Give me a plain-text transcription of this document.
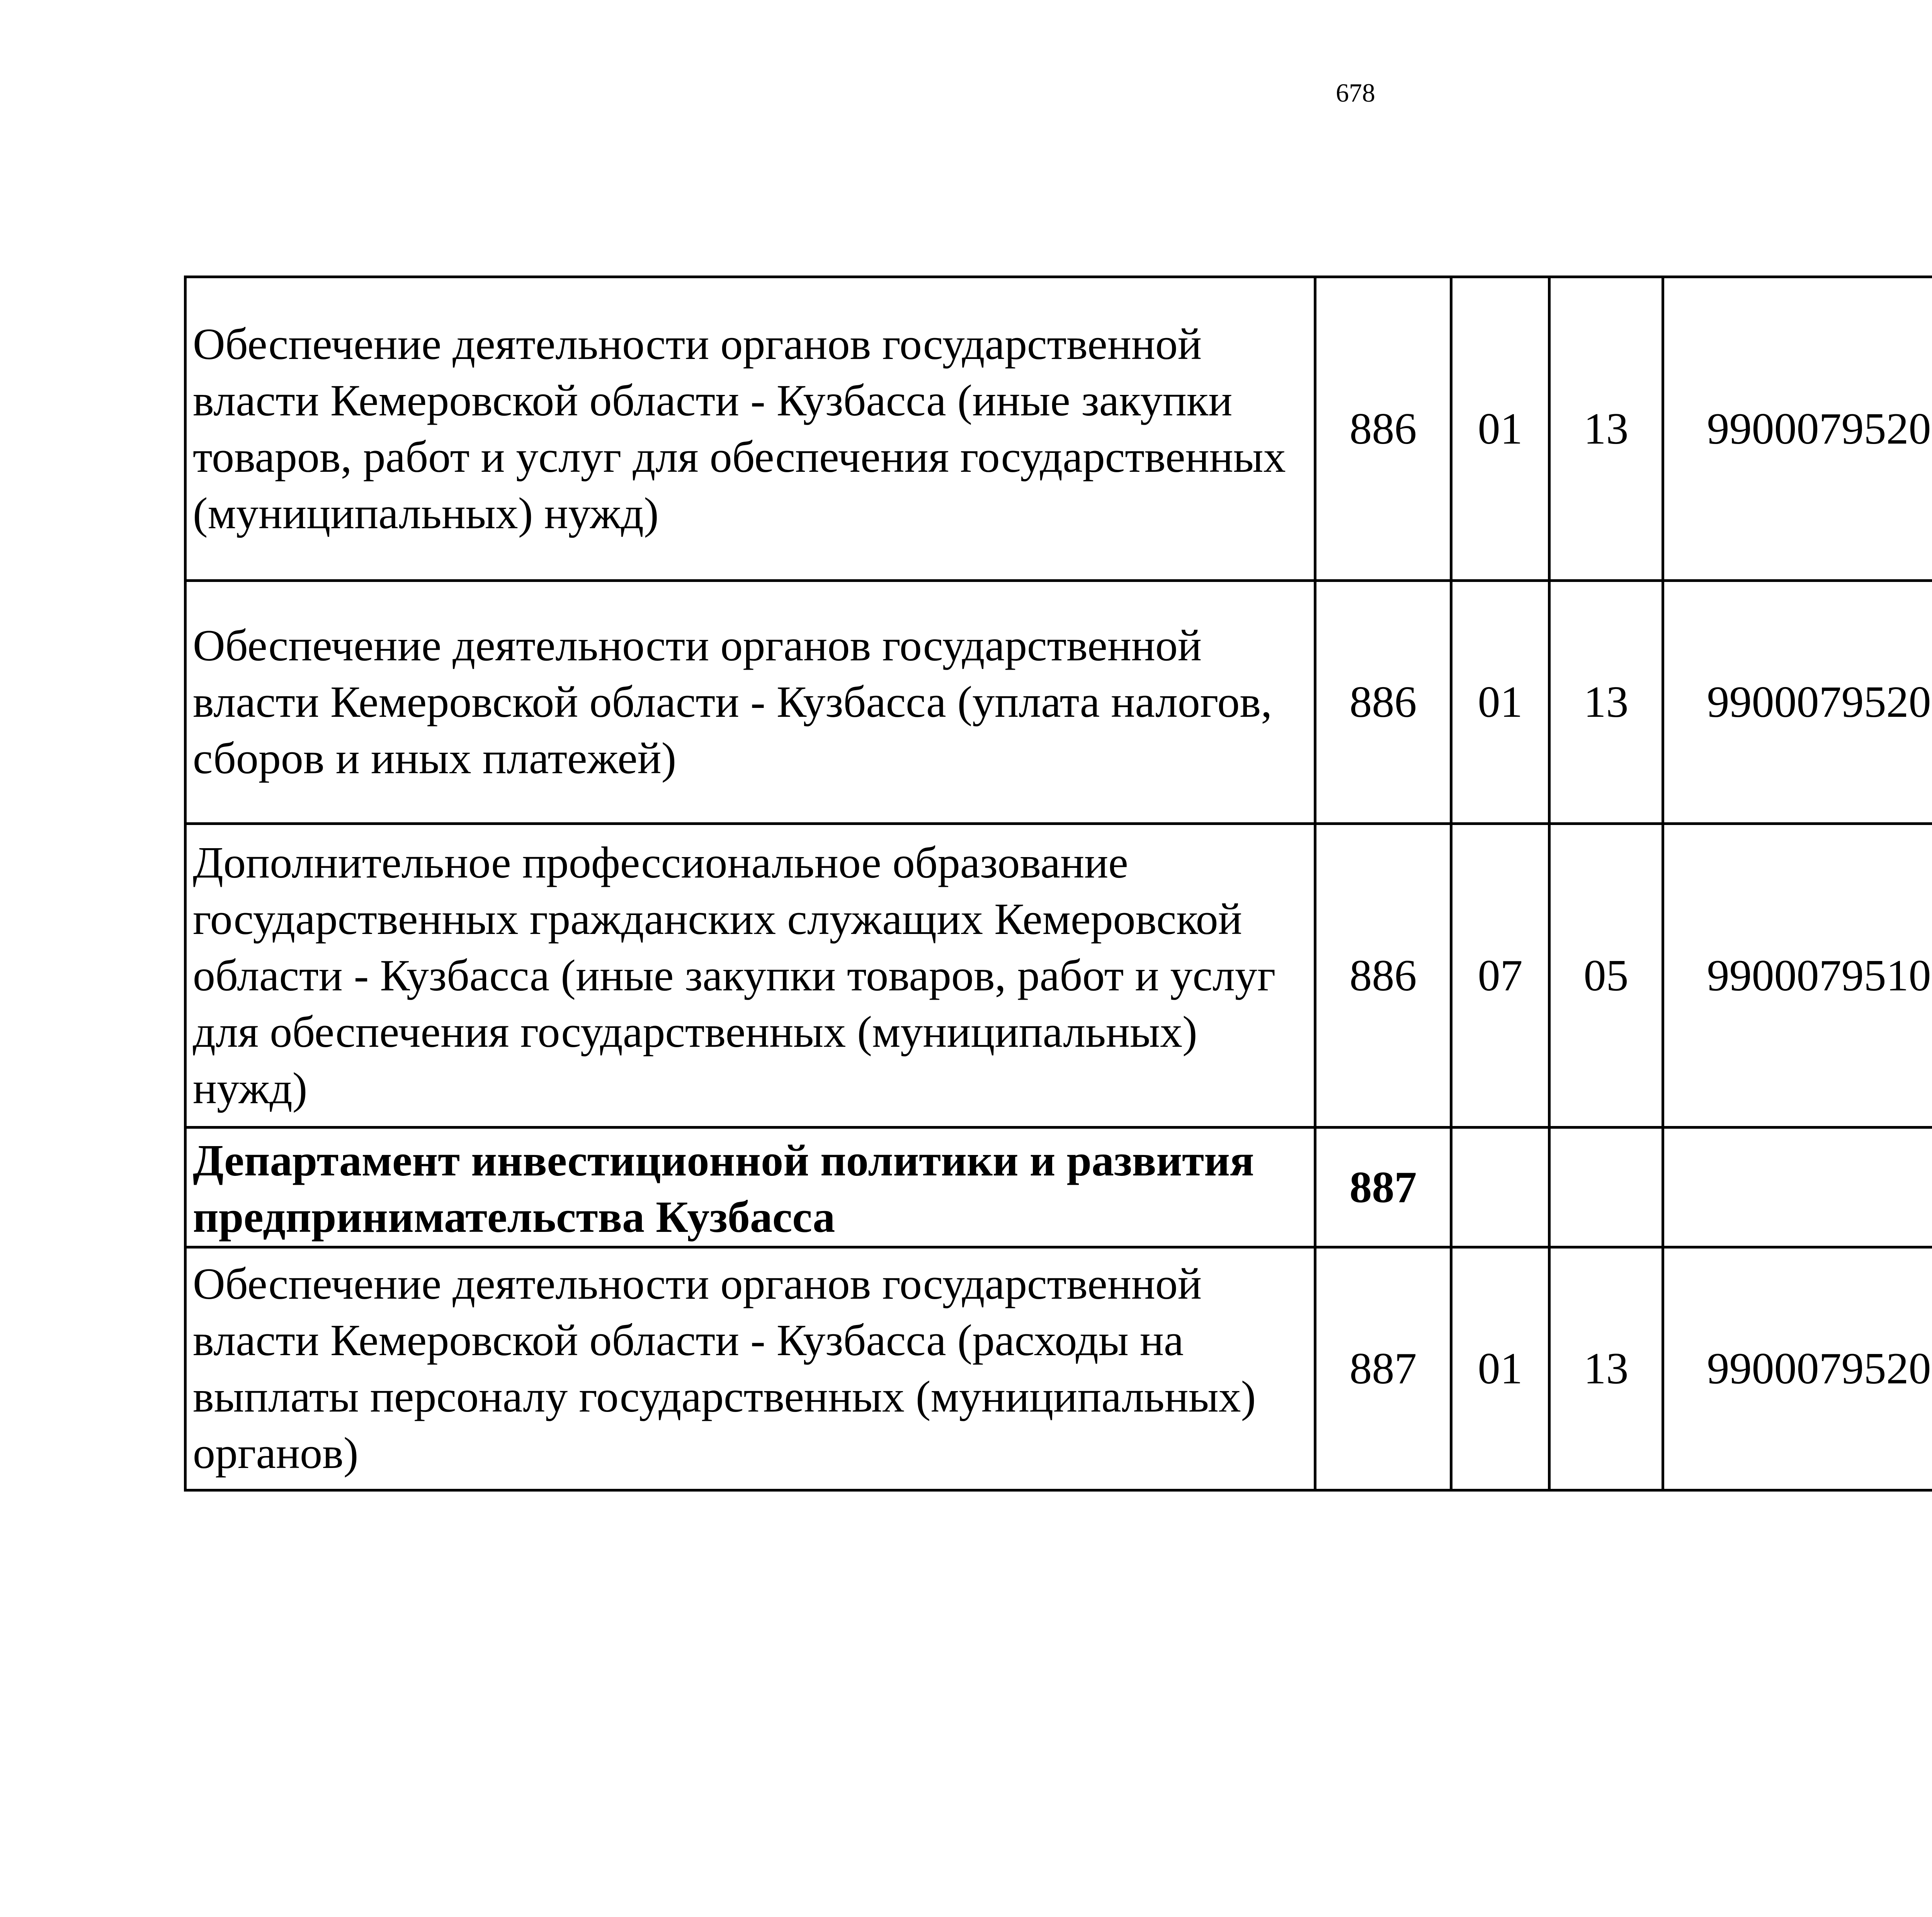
678
Обеспечение деятельности органов государственной власти Кемеровской области - Кузбасса (иные закупки товаров, работ и услуг для обеспечения государственных (муниципальных) нужд)	886	01	13	9900079520		
Обеспечение деятельности органов государственной власти Кемеровской области - Кузбасса (уплата налогов, сборов и иных платежей)	886	01	13	9900079520		
Дополнительное профессиональное образование государственных гражданских служащих Кемеровской области - Кузбасса (иные закупки товаров, работ и услуг для обеспечения государственных (муниципальных) нужд)	886	07	05	9900079510		
Департамент инвестиционной политики и развития предпринимательства Кузбасса	887					
Обеспечение деятельности органов государственной власти Кемеровской области - Кузбасса (расходы на выплаты персоналу государственных (муниципальных) органов)	887	01	13	9900079520		
